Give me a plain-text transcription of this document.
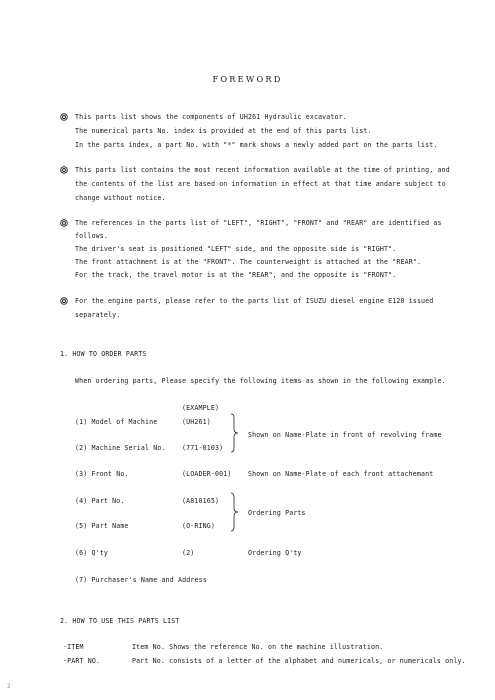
FOREWORD
This parts list shows the components of UH261 Hydraulic excavator.
The numerical parts No. index is provided at the end of this parts list.
In the parts index, a part No. with "*" mark shows a newly added part on the parts list.
This parts list contains the most recent information available at the time of printing, and
the contents of the list are based on information in effect at that time andare subject to
change without notice.
The references in the parts list of "LEFT", "RIGHT", "FRONT" and "REAR" are identified as
follows.
The driver's seat is positioned "LEFT" side, and the opposite side is "RIGHT".
The front attachment is at the "FRONT". The counterweight is attached at the "REAR".
For the track, the travel motor is at the "REAR", and the opposite is "FRONT".
For the engine parts, please refer to the parts list of ISUZU diesel engine E120 issued
separately.
1. HOW TO ORDER PARTS
When ordering parts, Please specify the following items as shown in the following example.
(EXAMPLE)
(1) Model of Machine	(UH261)
(2) Machine Serial No. (771-0103)
Shown on Name-Plate in front of revolving frame
(3) Front No.	(LOADER-001)	Shown on Name-Plate of each front attachemant
(4) Part No.	(A810165)
(5) Part Name	(O-RING)
Ordering Parts
(6) Q'ty	(2)	Ordering Q'ty
(7) Purchaser's Name and Address
2. HOW TO USE THIS PARTS LIST
·ITEM	Item No. Shows the reference No. on the machine illustration.
·PART NO.	Part No. consists of a letter of the alphabet and numericals, or numericals only.
2
